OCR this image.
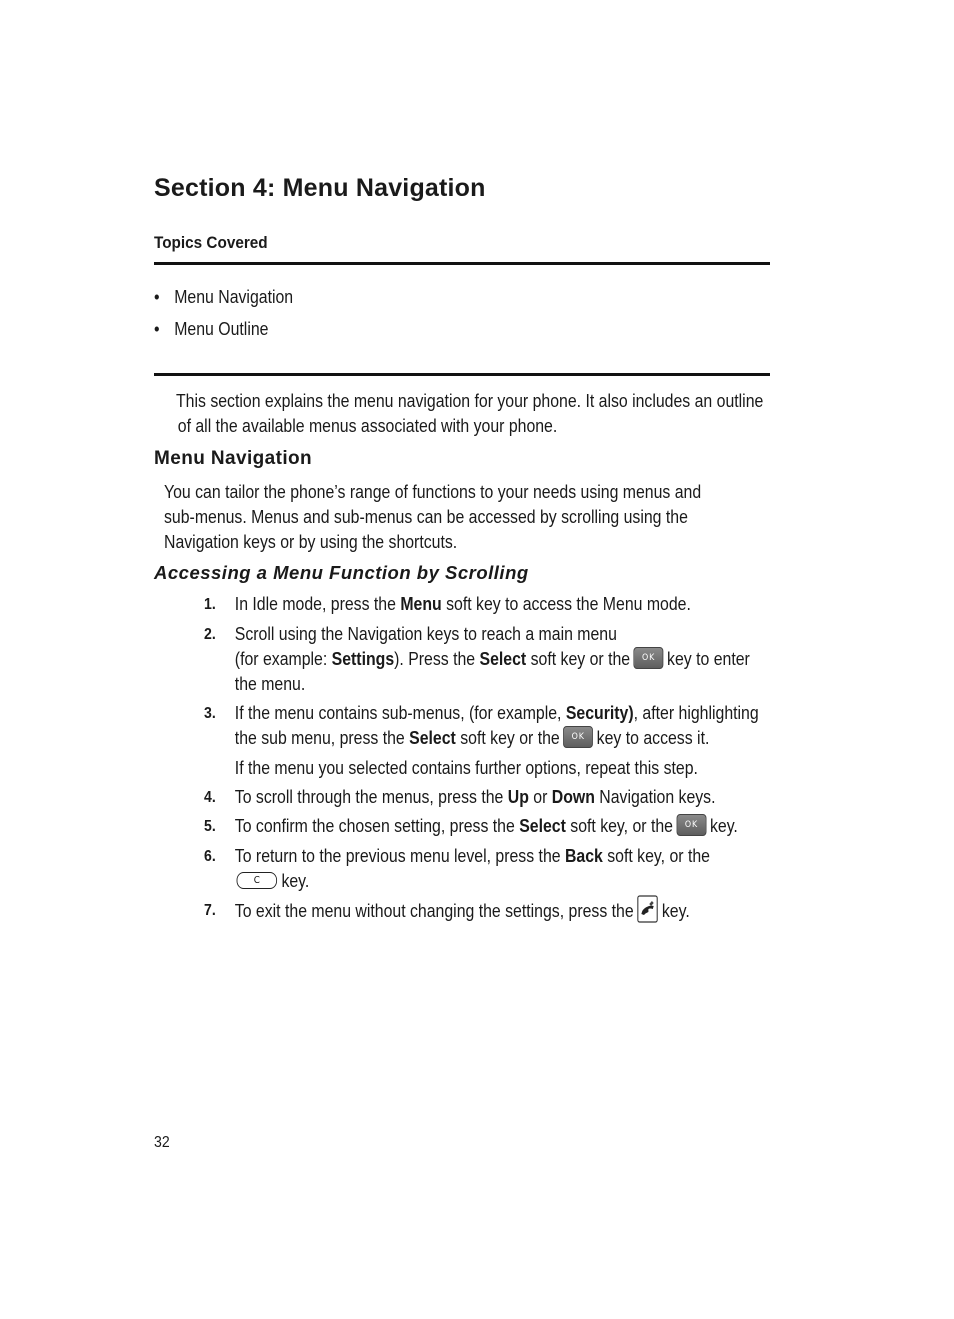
Section 4: Menu Navigation
Topics Covered
• Menu Navigation
• Menu Outline
This section explains the menu navigation for your phone. It also includes an outline
of all the available menus associated with your phone.
Menu Navigation
You can tailor the phone’s range of functions to your needs using menus and
sub-menus. Menus and sub-menus can be accessed by scrolling using the
Navigation keys or by using the shortcuts.
Accessing a Menu Function by Scrolling
1. In Idle mode, press the Menu soft key to access the Menu mode.
2. Scroll using the Navigation keys to reach a main menu
(for example: Settings). Press the Select soft key or the OK key to enter
the menu.
3. If the menu contains sub-menus, (for example, Security), after highlighting
the sub menu, press the Select soft key or the OK key to access it.
If the menu you selected contains further options, repeat this step.
4. To scroll through the menus, press the Up or Down Navigation keys.
5. To confirm the chosen setting, press the Select soft key, or the OK key.
6. To return to the previous menu level, press the Back soft key, or the
C key.
7. To exit the menu without changing the settings, press the key.

32
